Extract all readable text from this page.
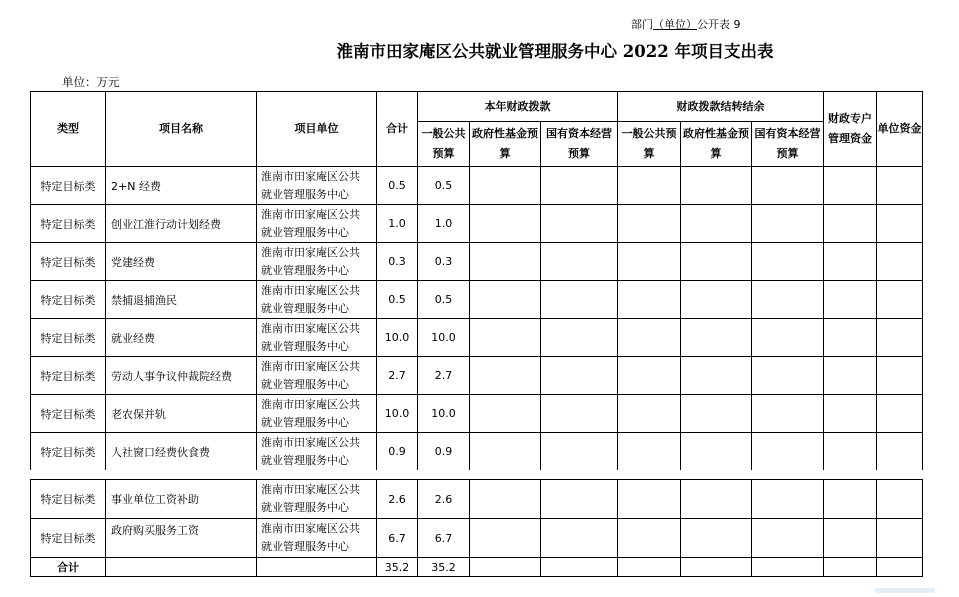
部门（单位）公开表 9
淮南市田家庵区公共就业管理服务中心 2022 年项目支出表
单位：万元
类型	项目名称	项目单位	合计	本年财政拨款			财政拨款结转结余			财政专户管理资金	单位资金
				一般公共预算	政府性基金预算	国有资本经营预算	一般公共预算	政府性基金预算	国有资本经营预算		
特定目标类	2+N 经费	淮南市田家庵区公共
就业管理服务中心	0.5	0.5							
特定目标类	创业江淮行动计划经费	淮南市田家庵区公共
就业管理服务中心	1.0	1.0							
特定目标类	党建经费	淮南市田家庵区公共
就业管理服务中心	0.3	0.3							
特定目标类	禁捕退捕渔民	淮南市田家庵区公共
就业管理服务中心	0.5	0.5							
特定目标类	就业经费	淮南市田家庵区公共
就业管理服务中心	10.0	10.0							
特定目标类	劳动人事争议仲裁院经费	淮南市田家庵区公共
就业管理服务中心	2.7	2.7							
特定目标类	老农保并轨	淮南市田家庵区公共
就业管理服务中心	10.0	10.0							
特定目标类	人社窗口经费伙食费	淮南市田家庵区公共
就业管理服务中心	0.9	0.9							
特定目标类	事业单位工资补助	淮南市田家庵区公共
就业管理服务中心	2.6	2.6							
特定目标类	政府购买服务工资	淮南市田家庵区公共
就业管理服务中心	6.7	6.7							
合计			35.2	35.2							
